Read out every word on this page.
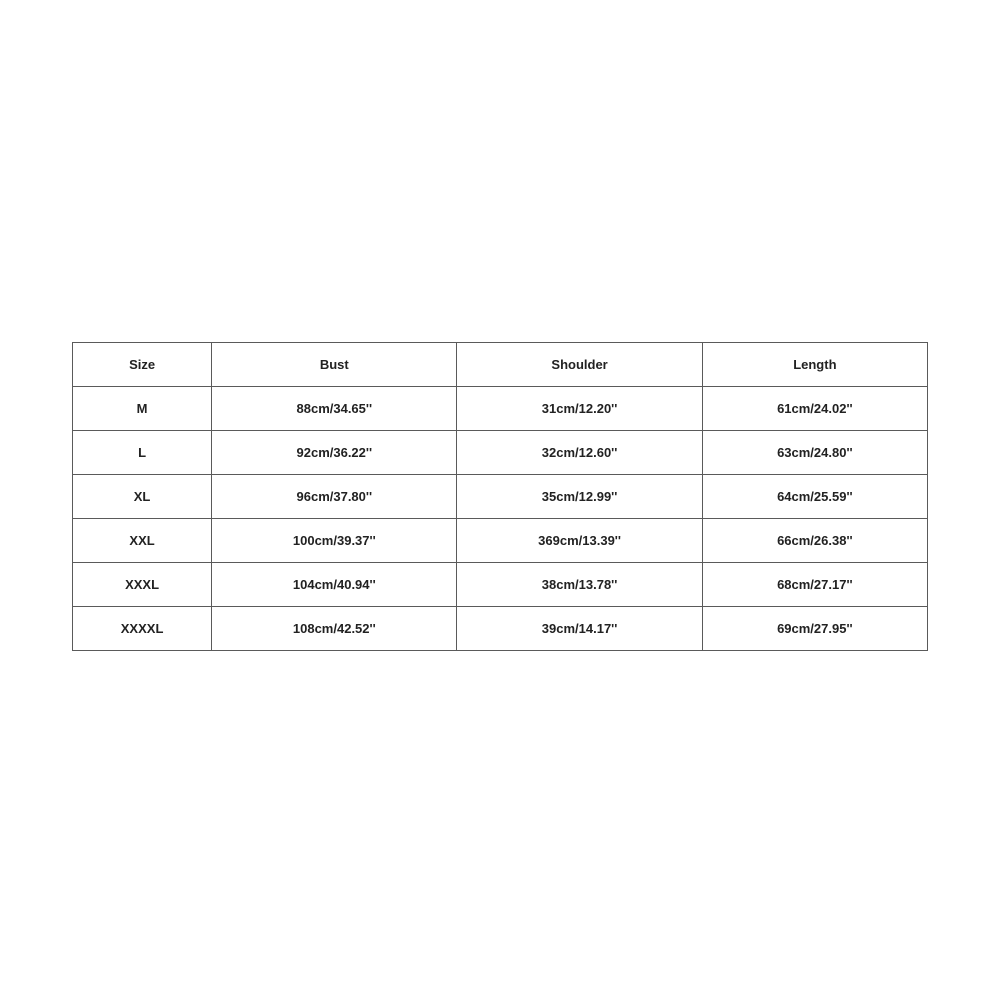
Size	Bust	Shoulder	Length
M	88cm/34.65''	31cm/12.20''	61cm/24.02''
L	92cm/36.22''	32cm/12.60''	63cm/24.80''
XL	96cm/37.80''	35cm/12.99''	64cm/25.59''
XXL	100cm/39.37''	369cm/13.39''	66cm/26.38''
XXXL	104cm/40.94''	38cm/13.78''	68cm/27.17''
XXXXL	108cm/42.52''	39cm/14.17''	69cm/27.95''
